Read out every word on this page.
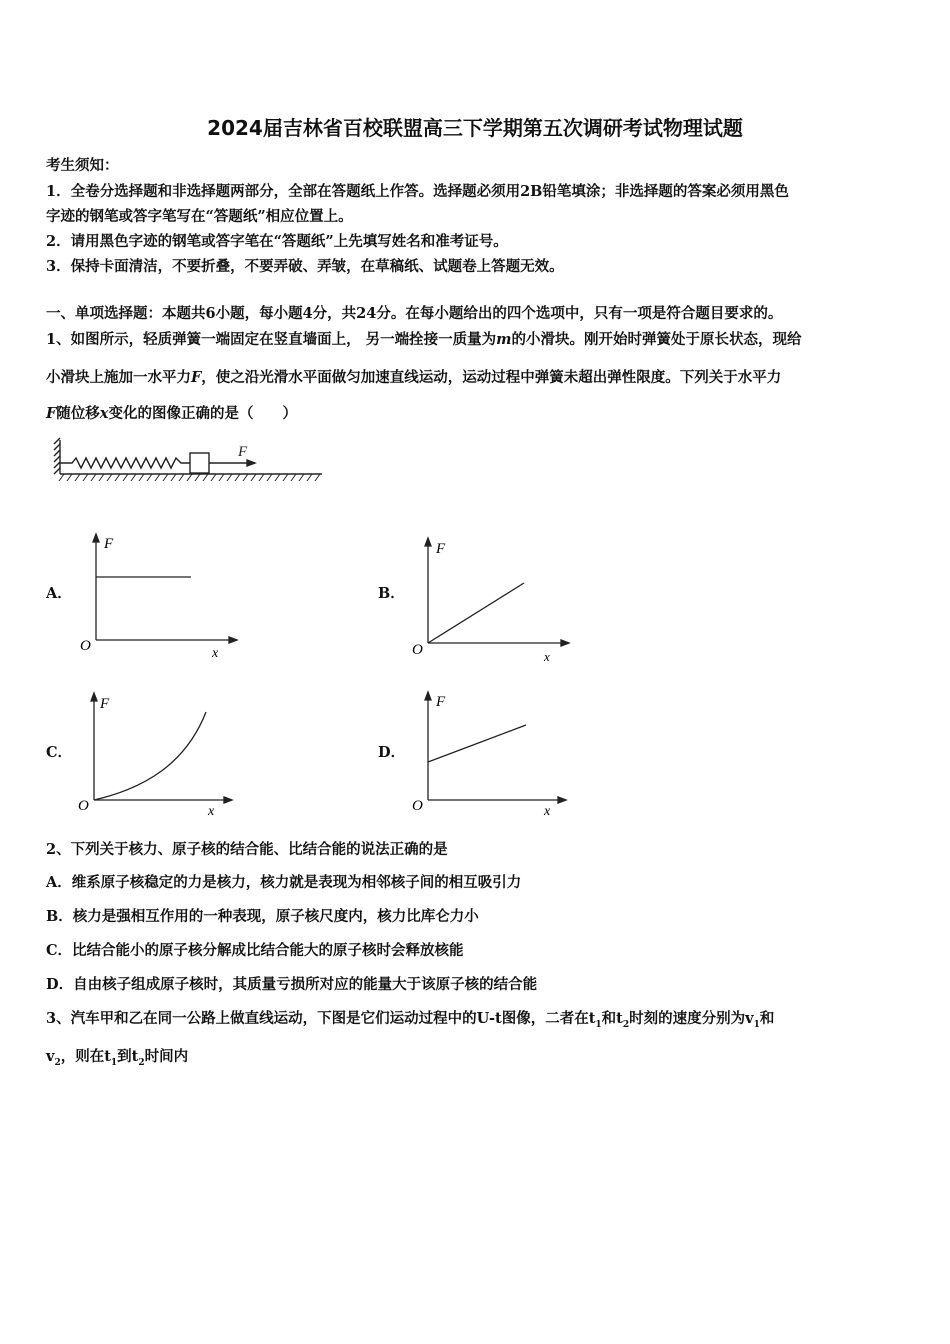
2024届吉林省百校联盟高三下学期第五次调研考试物理试题
考生须知：
1．全卷分选择题和非选择题两部分，全部在答题纸上作答。选择题必须用2B铅笔填涂；非选择题的答案必须用黑色
字迹的钢笔或答字笔写在“答题纸”相应位置上。
2．请用黑色字迹的钢笔或答字笔在“答题纸”上先填写姓名和准考证号。
3．保持卡面清洁，不要折叠，不要弄破、弄皱，在草稿纸、试题卷上答题无效。
一、单项选择题：本题共6小题，每小题4分，共24分。在每小题给出的四个选项中，只有一项是符合题目要求的。
1、如图所示，轻质弹簧一端固定在竖直墙面上， 另一端拴接一质量为m的小滑块。刚开始时弹簧处于原长状态，现给
小滑块上施加一水平力F，使之沿光滑水平面做匀加速直线运动，运动过程中弹簧未超出弹性限度。下列关于水平力
F随位移x变化的图像正确的是（　　）
F
A．
F
O	x
B．
F
O	x
C．
F
O	x
D．
F
O	x
2、下列关于核力、原子核的结合能、比结合能的说法正确的是
A．维系原子核稳定的力是核力，核力就是表现为相邻核子间的相互吸引力
B．核力是强相互作用的一种表现，原子核尺度内，核力比库仑力小
C．比结合能小的原子核分解成比结合能大的原子核时会释放核能
D．自由核子组成原子核时，其质量亏损所对应的能量大于该原子核的结合能
3、汽车甲和乙在同一公路上做直线运动，下图是它们运动过程中的U-t图像，二者在$t_1$和$t_2$时刻的速度分别为$v_1$和
$v_2$，则在$t_1$到$t_2$时间内
